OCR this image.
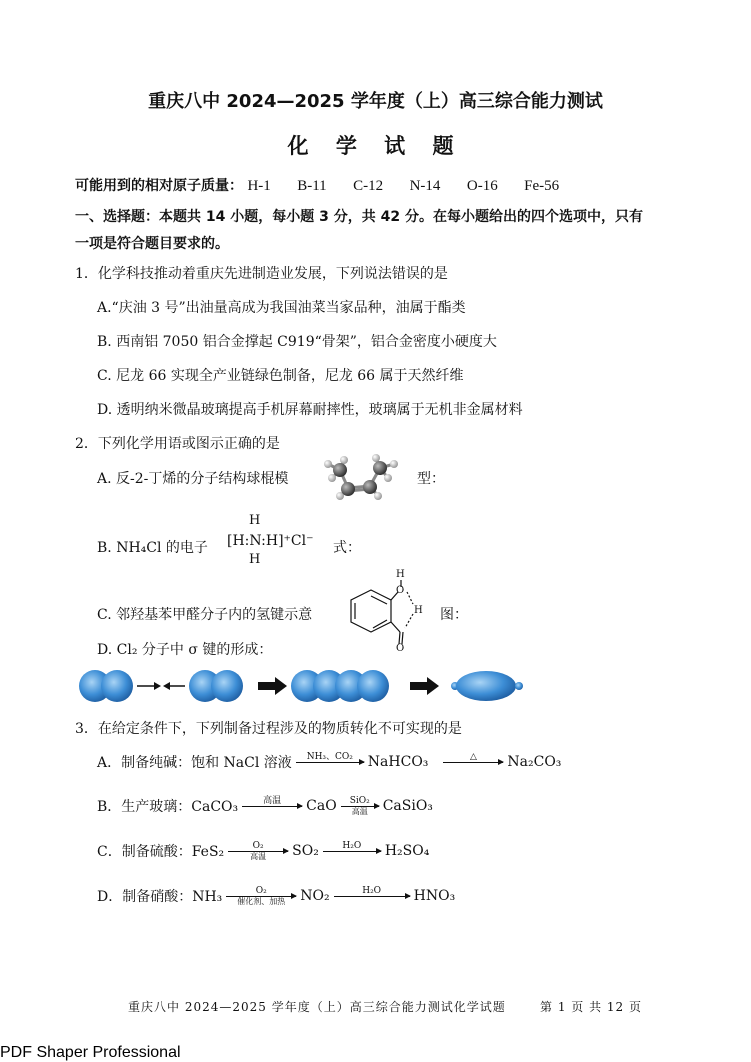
重庆八中 2024—2025 学年度（上）高三综合能力测试
化 学 试 题
可能用到的相对原子质量： H-1 B-11 C-12 N-14 O-16 Fe-56
一、选择题：本题共 14 小题，每小题 3 分，共 42 分。在每小题给出的四个选项中，只有
一项是符合题目要求的。
1．化学科技推动着重庆先进制造业发展，下列说法错误的是
A.“庆油 3 号”出油量高成为我国油菜当家品种，油属于酯类
B. 西南铝 7050 铝合金撑起 C919“骨架”，铝合金密度小硬度大
C. 尼龙 66 实现全产业链绿色制备，尼龙 66 属于天然纤维
D. 透明纳米微晶玻璃提高手机屏幕耐摔性，玻璃属于无机非金属材料
2．下列化学用语或图示正确的是
A. 反-2-丁烯的分子结构球棍模	型：
B. NH₄Cl 的电子
H
[H:N:H]⁺Cl⁻
H
式：
C. 邻羟基苯甲醛分子内的氢键示意
H
O
H
O
图：
D. Cl₂ 分子中 σ 键的形成：
3．在给定条件下，下列制备过程涉及的物质转化不可实现的是
A．制备纯碱：饱和 NaCl 溶液 NH₃、CO₂ NaHCO₃	△ Na₂CO₃
B．生产玻璃：CaCO₃	高温 CaO SiO₂
高温 CaSiO₃
C．制备硫酸：FeS₂	O₂
高温 SO₂	H₂O H₂SO₄
D．制备硝酸：NH₃	O₂
催化剂、加热 NO₂	H₂O HNO₃
重庆八中 2024—2025 学年度（上）高三综合能力测试化学试题	第 1 页 共 12 页
PDF Shaper Professional
